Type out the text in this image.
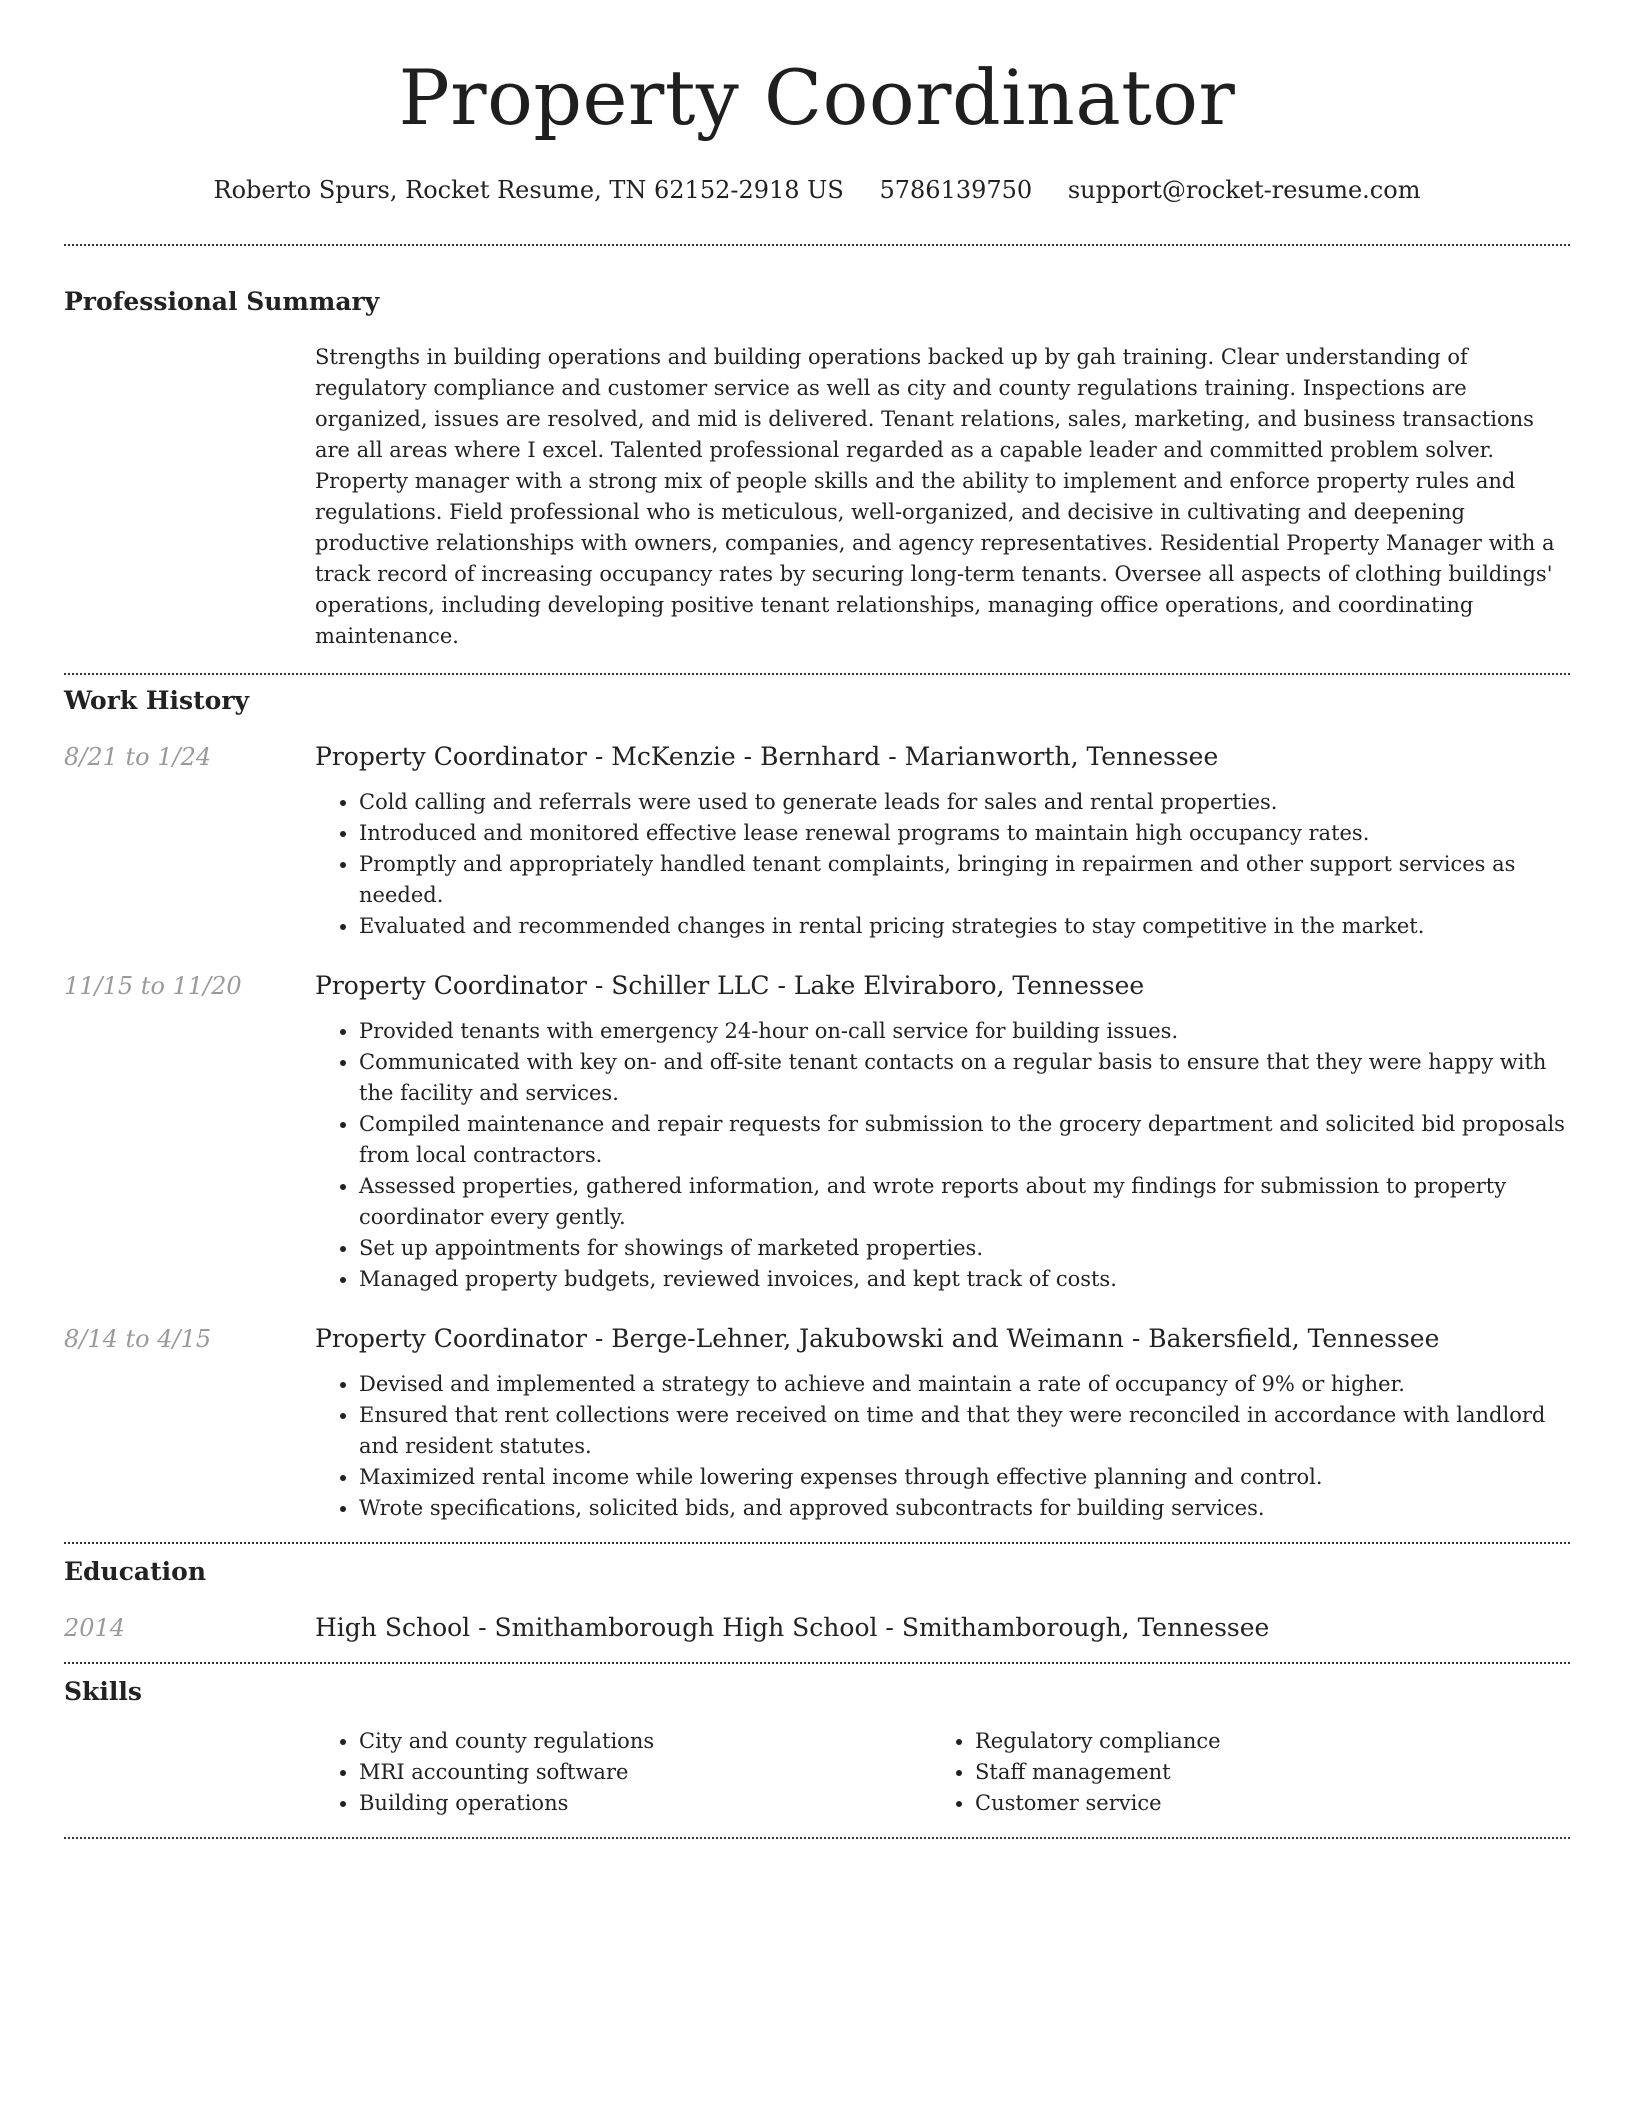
Property Coordinator
Roberto Spurs, Rocket Resume, TN 62152-2918 US 5786139750 support@rocket-resume.com
Professional Summary

Strengths in building operations and building operations backed up by gah training. Clear understanding of regulatory compliance and customer service as well as city and county regulations training. Inspections are organized, issues are resolved, and mid is delivered. Tenant relations, sales, marketing, and business transactions are all areas where I excel. Talented professional regarded as a capable leader and committed problem solver. Property manager with a strong mix of people skills and the ability to implement and enforce property rules and regulations. Field professional who is meticulous, well-organized, and decisive in cultivating and deepening productive relationships with owners, companies, and agency representatives. Residential Property Manager with a track record of increasing occupancy rates by securing long-term tenants. Oversee all aspects of clothing buildings' operations, including developing positive tenant relationships, managing office operations, and coordinating maintenance.

Work History
8/21 to 1/24	Property Coordinator - McKenzie - Bernhard - Marianworth, Tennessee
• Cold calling and referrals were used to generate leads for sales and rental properties.
• Introduced and monitored effective lease renewal programs to maintain high occupancy rates.
• Promptly and appropriately handled tenant complaints, bringing in repairmen and other support services as needed.
• Evaluated and recommended changes in rental pricing strategies to stay competitive in the market.
11/15 to 11/20	Property Coordinator - Schiller LLC - Lake Elviraboro, Tennessee
• Provided tenants with emergency 24-hour on-call service for building issues.
• Communicated with key on- and off-site tenant contacts on a regular basis to ensure that they were happy with the facility and services.
• Compiled maintenance and repair requests for submission to the grocery department and solicited bid proposals from local contractors.
• Assessed properties, gathered information, and wrote reports about my findings for submission to property coordinator every gently.
• Set up appointments for showings of marketed properties.
• Managed property budgets, reviewed invoices, and kept track of costs.
8/14 to 4/15	Property Coordinator - Berge-Lehner, Jakubowski and Weimann - Bakersfield, Tennessee
• Devised and implemented a strategy to achieve and maintain a rate of occupancy of 9% or higher.
• Ensured that rent collections were received on time and that they were reconciled in accordance with landlord and resident statutes.
• Maximized rental income while lowering expenses through effective planning and control.
• Wrote specifications, solicited bids, and approved subcontracts for building services.
Education
2014	High School - Smithamborough High School - Smithamborough, Tennessee
Skills
• City and county regulations
• MRI accounting software
• Building operations
• Regulatory compliance
• Staff management
• Customer service
